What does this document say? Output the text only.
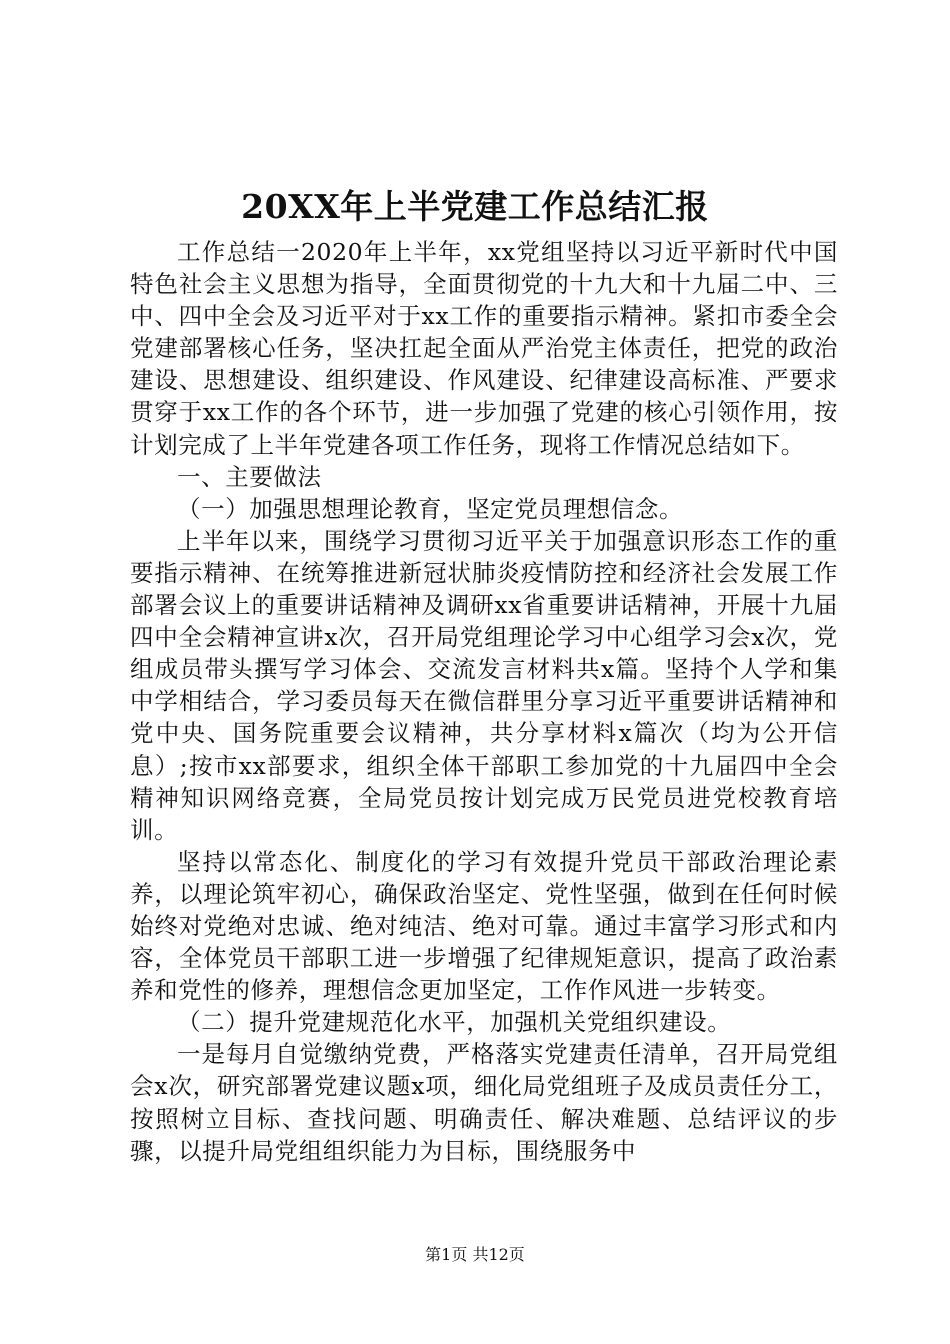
20XX年上半党建工作总结汇报

工作总结一2020年上半年，xx党组坚持以习近平新时代中国特色社会主义思想为指导，全面贯彻党的十九大和十九届二中、三中、四中全会及习近平对于xx工作的重要指示精神。紧扣市委全会党建部署核心任务，坚决扛起全面从严治党主体责任，把党的政治建设、思想建设、组织建设、作风建设、纪律建设高标准、严要求贯穿于xx工作的各个环节，进一步加强了党建的核心引领作用，按计划完成了上半年党建各项工作任务，现将工作情况总结如下。

一、主要做法

（一）加强思想理论教育，坚定党员理想信念。

上半年以来，围绕学习贯彻习近平关于加强意识形态工作的重要指示精神、在统筹推进新冠状肺炎疫情防控和经济社会发展工作部署会议上的重要讲话精神及调研xx省重要讲话精神，开展十九届四中全会精神宣讲x次，召开局党组理论学习中心组学习会x次，党组成员带头撰写学习体会、交流发言材料共x篇。坚持个人学和集中学相结合，学习委员每天在微信群里分享习近平重要讲话精神和党中央、国务院重要会议精神，共分享材料x篇次（均为公开信息）;按市xx部要求，组织全体干部职工参加党的十九届四中全会精神知识网络竞赛，全局党员按计划完成万民党员进党校教育培训。

坚持以常态化、制度化的学习有效提升党员干部政治理论素养，以理论筑牢初心，确保政治坚定、党性坚强，做到在任何时候始终对党绝对忠诚、绝对纯洁、绝对可靠。通过丰富学习形式和内容，全体党员干部职工进一步增强了纪律规矩意识，提高了政治素养和党性的修养，理想信念更加坚定，工作作风进一步转变。

（二）提升党建规范化水平，加强机关党组织建设。

一是每月自觉缴纳党费，严格落实党建责任清单，召开局党组会x次，研究部署党建议题x项，细化局党组班子及成员责任分工，按照树立目标、查找问题、明确责任、解决难题、总结评议的步骤，以提升局党组组织能力为目标，围绕服务中

第1页 共12页
